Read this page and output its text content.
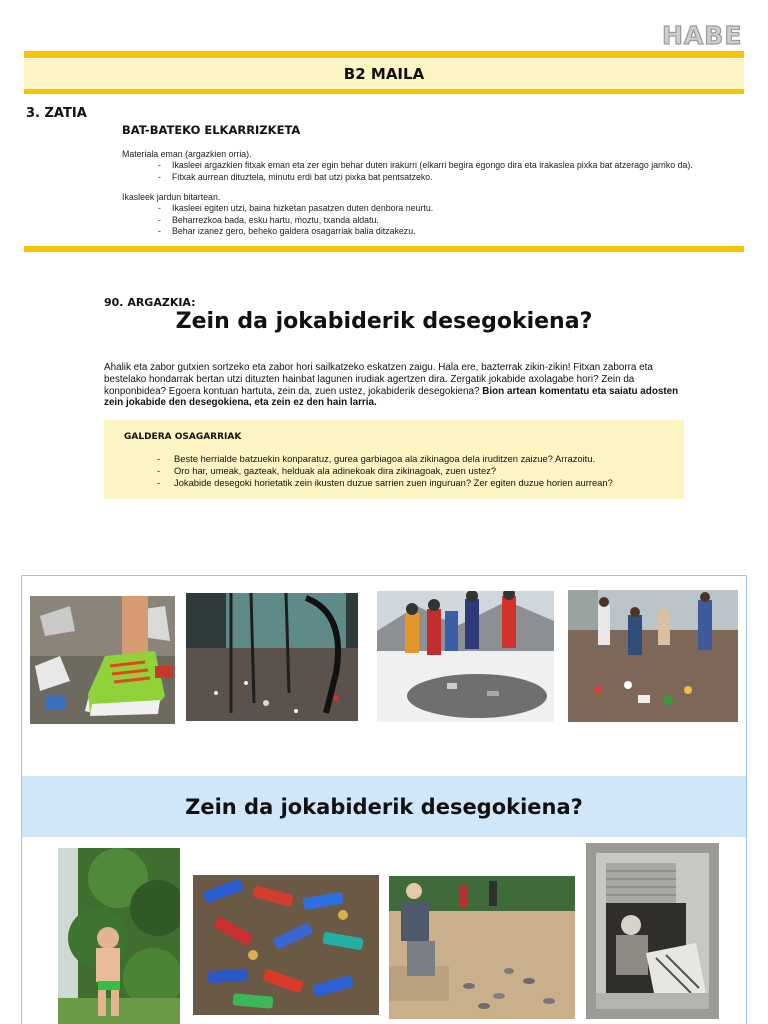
HABE
B2 MAILA
3. ZATIA
BAT-BATEKO ELKARRIZKETA
Materiala eman (argazkien orria).
- Ikasleei argazkien fitxak eman eta zer egin behar duten irakurri (elkarri begira egongo dira eta irakaslea pixka bat atzerago jarriko da).
- Fitxak aurrean dituztela, minutu erdi bat utzi pixka bat pentsatzeko.
Ikasleek jardun bitartean.
- Ikasleei egiten utzi, baina hizketan pasatzen duten denbora neurtu.
- Beharrezkoa bada, esku hartu, moztu, txanda aldatu.
- Behar izanez gero, beheko galdera osagarriak balia ditzakezu.
90. ARGAZKIA:
Zein da jokabiderik desegokiena?
Ahalik eta zabor gutxien sortzeko eta zabor hori sailkatzeko eskatzen zaigu. Hala ere, bazterrak zikin-zikin! Fitxan zaborra eta bestelako hondarrak bertan utzi dituzten hainbat lagunen irudiak agertzen dira. Zergatik jokabide axolagabe hori? Zein da konponbidea? Egoera kontuan hartuta, zein da, zuen ustez, jokabiderik desegokiena? Bion artean komentatu eta saiatu adosten zein jokabide den desegokiena, eta zein ez den hain larria.
GALDERA OSAGARRIAK
- Beste herrialde batzuekin konparatuz, gurea garbiagoa ala zikinagoa dela iruditzen zaizue? Arrazoitu.
- Oro har, umeak, gazteak, helduak ala adinekoak dira zikinagoak, zuen ustez?
- Jokabide desegoki horietatik zein ikusten duzue sarrien zuen inguruan? Zer egiten duzue horien aurrean?
Zein da jokabiderik desegokiena?
